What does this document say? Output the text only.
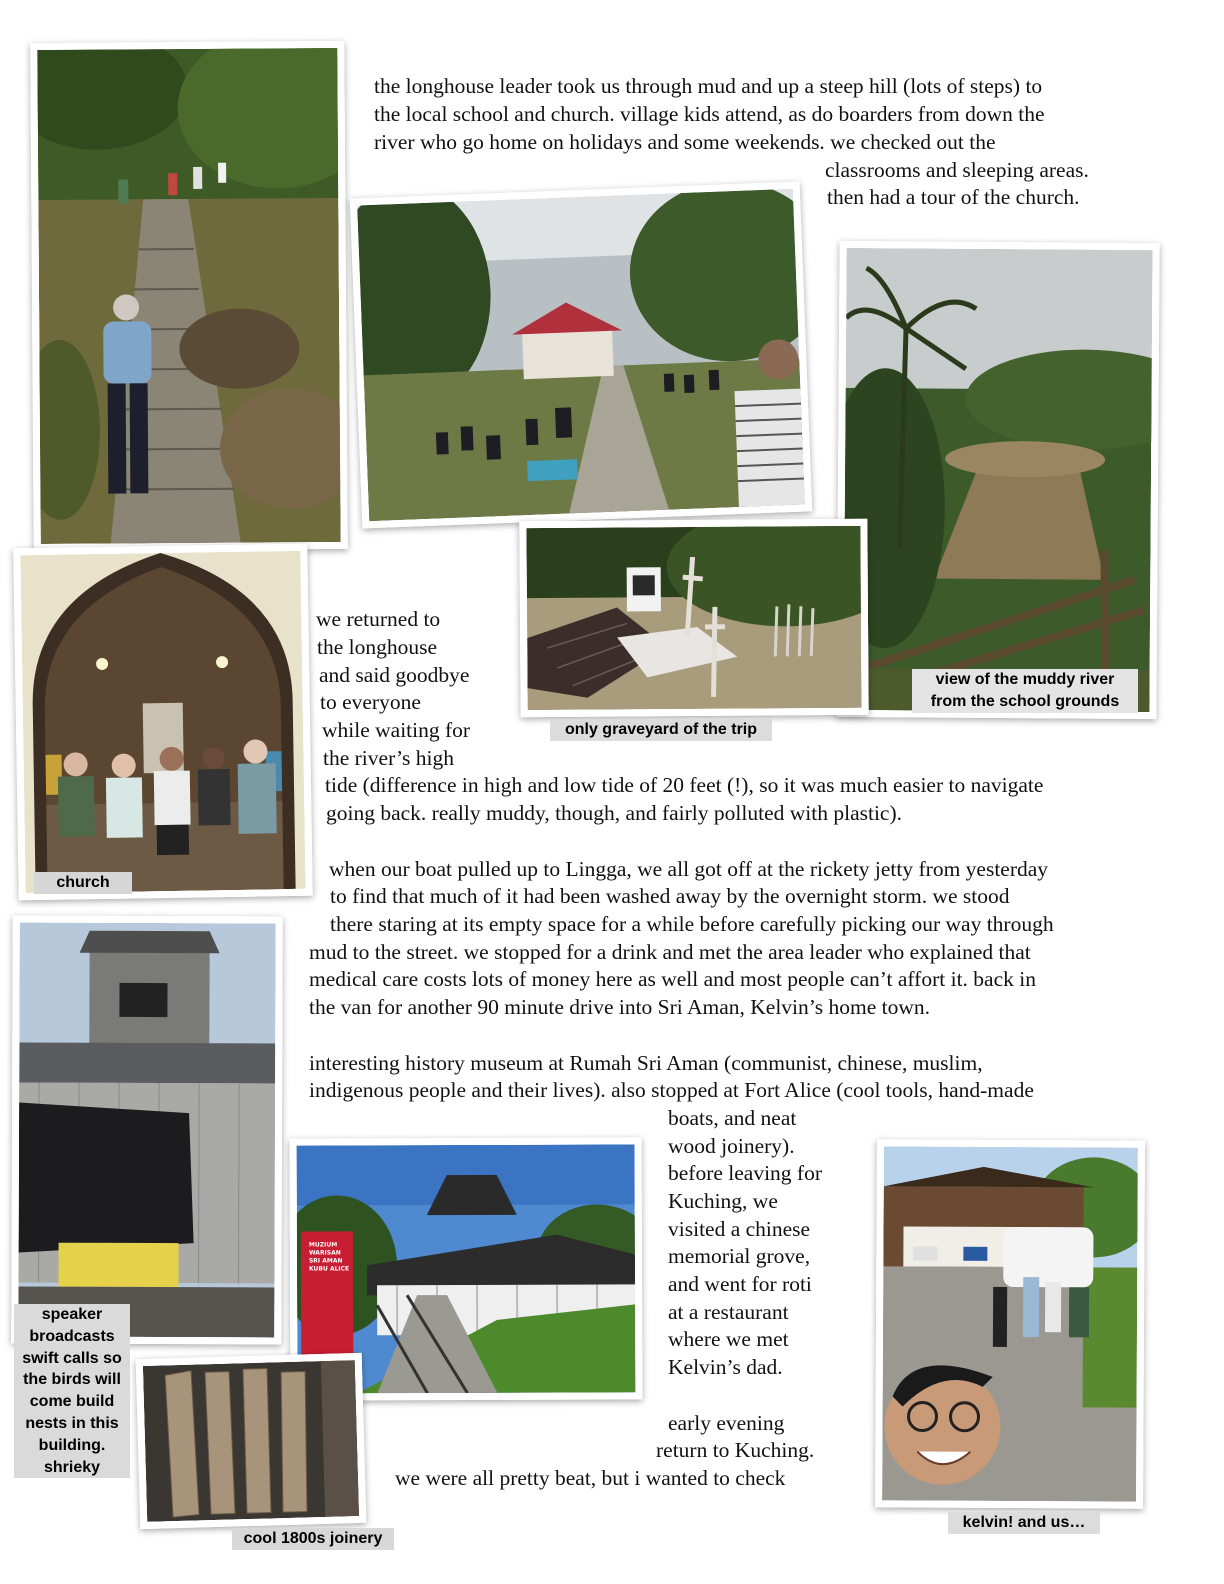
MUZIUM
WARISAN
SRI AMAN
KUBU ALICE
only graveyard of the trip
view of the muddy river
from the school grounds
church
speaker
broadcasts
swift calls so
the birds will
come build
nests in this
building.
shrieky
cool 1800s joinery
kelvin! and us…
the longhouse leader took us through mud and up a steep hill (lots of steps) to
the local school and church. village kids attend, as do boarders from down the
river who go home on holidays and some weekends. we checked out the
classrooms and sleeping areas.
then had a tour of the church.
we returned to
the longhouse
and said goodbye
to everyone
while waiting for
the river’s high
tide (difference in high and low tide of 20 feet (!), so it was much easier to navigate
going back. really muddy, though, and fairly polluted with plastic).
when our boat pulled up to Lingga, we all got off at the rickety jetty from yesterday
to find that much of it had been washed away by the overnight storm. we stood
there staring at its empty space for a while before carefully picking our way through
mud to the street. we stopped for a drink and met the area leader who explained that
medical care costs lots of money here as well and most people can’t affort it. back in
the van for another 90 minute drive into Sri Aman, Kelvin’s home town.
interesting history museum at Rumah Sri Aman (communist, chinese, muslim,
indigenous people and their lives). also stopped at Fort Alice (cool tools, hand-made
boats, and neat
wood joinery).
before leaving for
Kuching, we
visited a chinese
memorial grove,
and went for roti
at a restaurant
where we met
Kelvin’s dad.
early evening
return to Kuching.
we were all pretty beat, but i wanted to check
